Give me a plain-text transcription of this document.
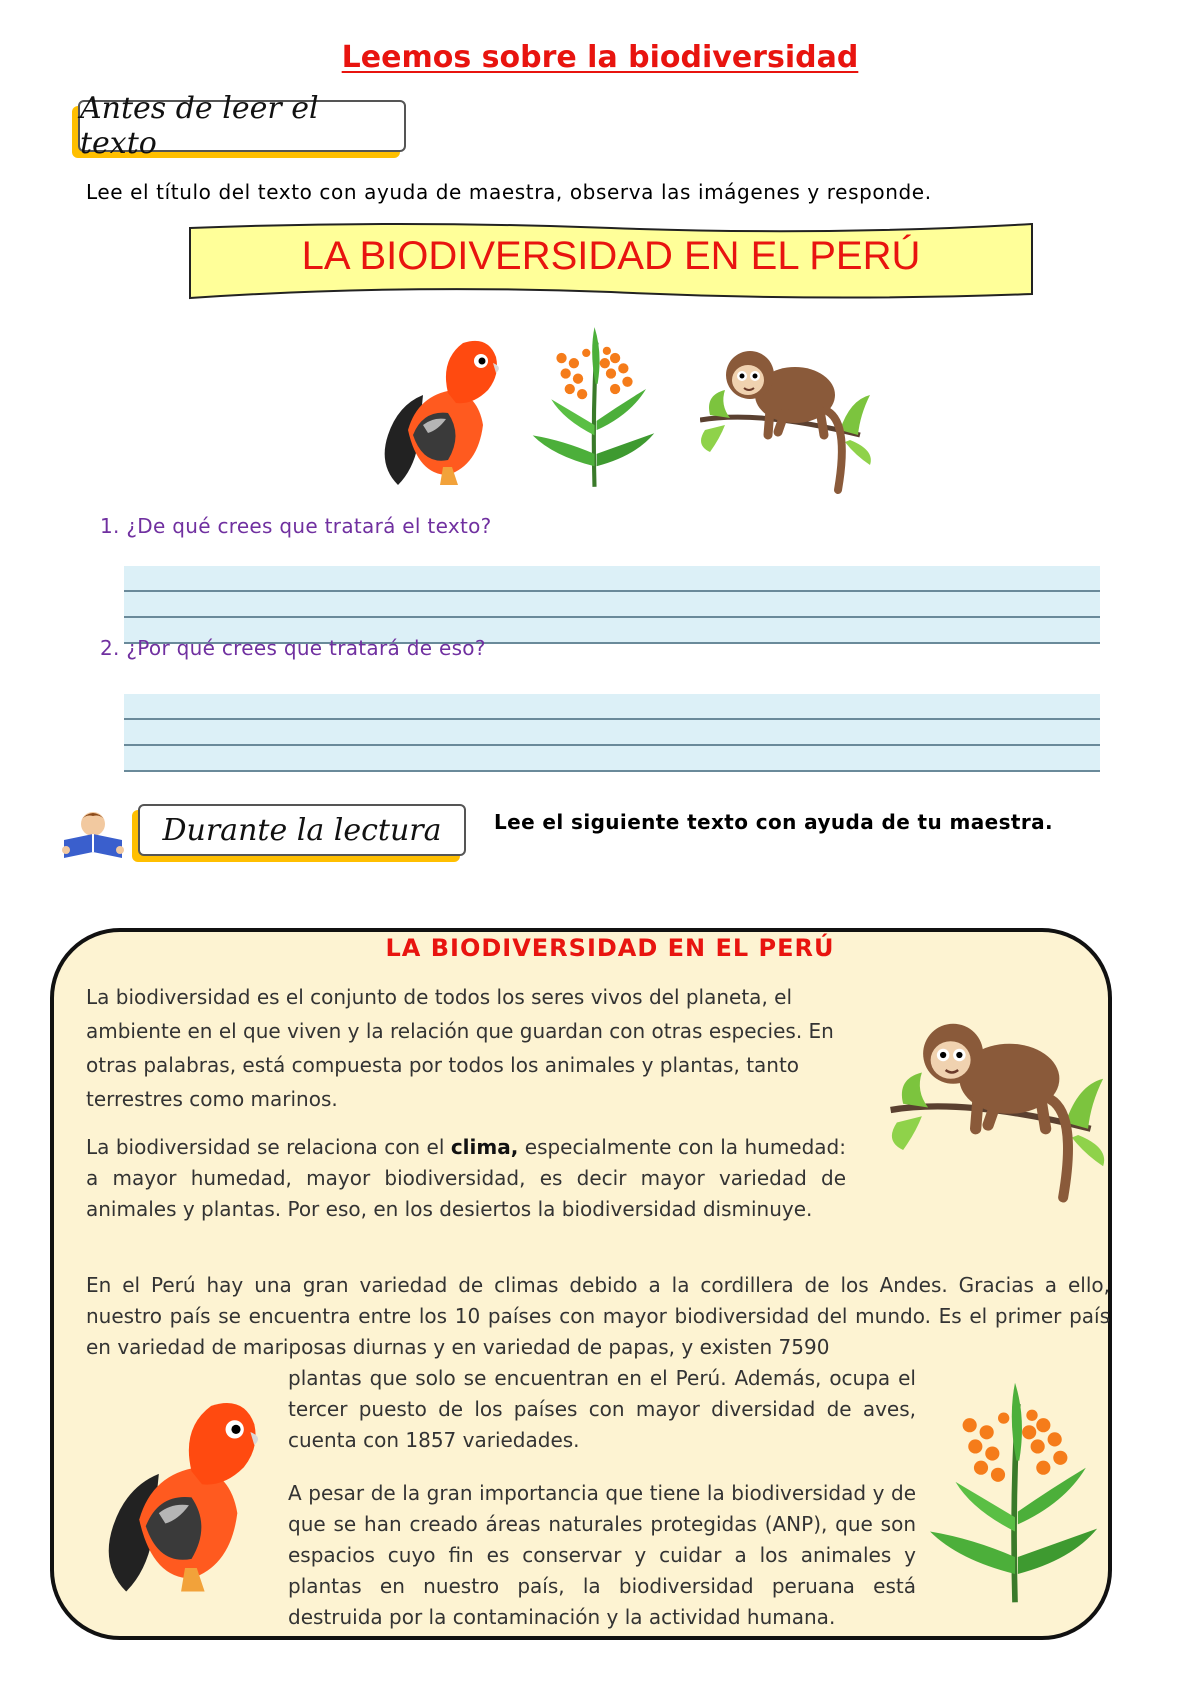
Leemos sobre la biodiversidad
Antes de leer el texto
Lee el título del texto con ayuda de maestra, observa las imágenes y responde.
LA BIODIVERSIDAD EN EL PERÚ
1. ¿De qué crees que tratará el texto?
2. ¿Por qué crees que tratará de eso?
Durante la lectura	Lee el siguiente texto con ayuda de tu maestra.
LA BIODIVERSIDAD EN EL PERÚ
La biodiversidad es el conjunto de todos los seres vivos del planeta, el ambiente en el que viven y la relación que guardan con otras especies. En otras palabras, está compuesta por todos los animales y plantas, tanto terrestres como marinos.
La biodiversidad se relaciona con el clima, especialmente con la humedad: a mayor humedad, mayor biodiversidad, es decir mayor variedad de animales y plantas. Por eso, en los desiertos la biodiversidad disminuye.
En el Perú hay una gran variedad de climas debido a la cordillera de los Andes. Gracias a ello, nuestro país se encuentra entre los 10 países con mayor biodiversidad del mundo. Es el primer país en variedad de mariposas diurnas y en variedad de papas, y existen 7590
plantas que solo se encuentran en el Perú. Además, ocupa el tercer puesto de los países con mayor diversidad de aves, cuenta con 1857 variedades.
A pesar de la gran importancia que tiene la biodiversidad y de que se han creado áreas naturales protegidas (ANP), que son espacios cuyo fin es conservar y cuidar a los animales y plantas en nuestro país, la biodiversidad peruana está destruida por la contaminación y la actividad humana.
